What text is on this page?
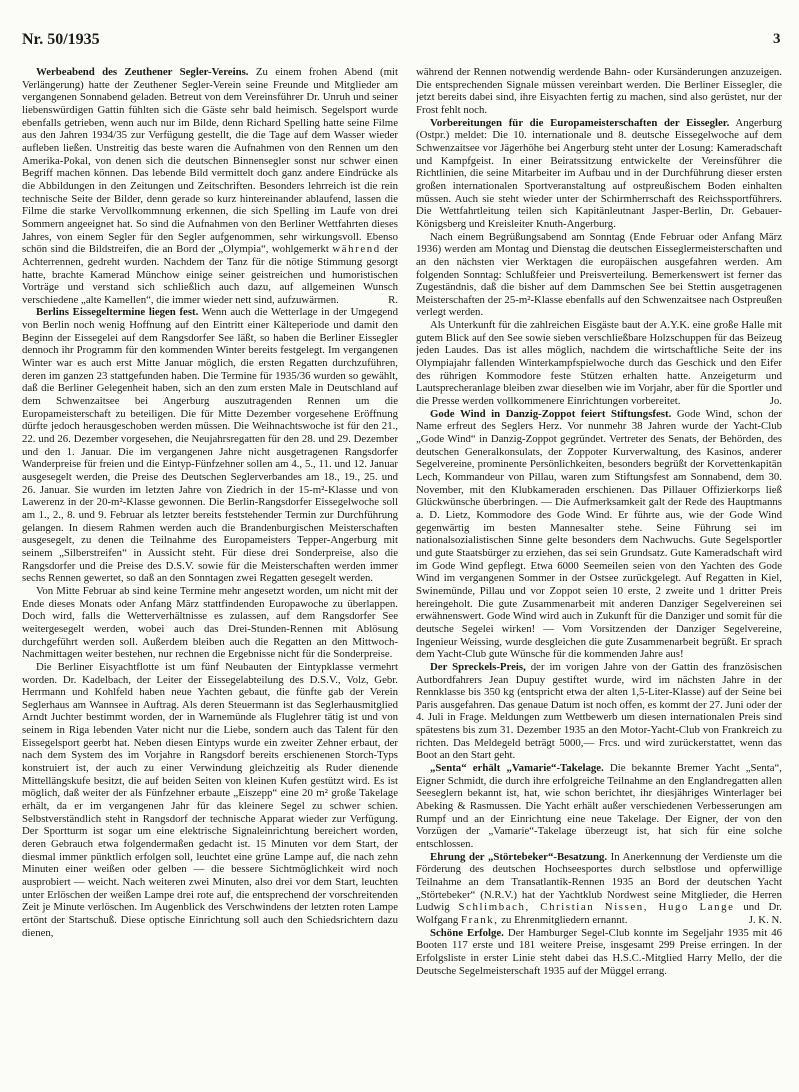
Nr. 50/1935	3

Werbeabend des Zeuthener Segler-Vereins. Zu einem frohen Abend (mit Verlängerung) hatte der Zeuthener Segler-Verein seine Freunde und Mitglieder am vergangenen Sonnabend geladen. Betreut von dem Vereinsführer Dr. Unruh und seiner liebenswürdigen Gattin fühlten sich die Gäste sehr bald heimisch. Segelsport wurde ebenfalls getrieben, wenn auch nur im Bilde, denn Richard Spelling hatte seine Filme aus den Jahren 1934/35 zur Verfügung gestellt, die die Tage auf dem Wasser wieder aufleben ließen. Unstreitig das beste waren die Aufnahmen von den Rennen um den Amerika-Pokal, von denen sich die deutschen Binnensegler sonst nur schwer einen Begriff machen können. Das lebende Bild vermittelt doch ganz andere Eindrücke als die Abbildungen in den Zeitungen und Zeitschriften. Besonders lehrreich ist die rein technische Seite der Bilder, denn gerade so kurz hintereinander ablaufend, lassen die Filme die starke Vervollkommnung erkennen, die sich Spelling im Laufe von drei Sommern angeeignet hat. So sind die Aufnahmen von den Berliner Wettfahrten dieses Jahres, von einem Segler für den Segler aufgenommen, sehr wirkungsvoll. Ebenso schön sind die Bildstreifen, die an Bord der „Olympia“, wohlgemerkt während der Achterrennen, gedreht wurden. Nachdem der Tanz für die nötige Stimmung gesorgt hatte, brachte Kamerad Münchow einige seiner geistreichen und humoristischen Vorträge und verstand sich schließlich auch dazu, auf allgemeinen Wunsch verschiedene „alte Kamellen“, die immer wieder nett sind, aufzuwärmen.	R.

Berlins Eissegeltermine liegen fest. Wenn auch die Wetterlage in der Umgegend von Berlin noch wenig Hoffnung auf den Eintritt einer Kälteperiode und damit den Beginn der Eissegelei auf dem Rangsdorfer See läßt, so haben die Berliner Eissegler dennoch ihr Programm für den kommenden Winter bereits festgelegt. Im vergangenen Winter war es auch erst Mitte Januar möglich, die ersten Regatten durchzuführen, deren im ganzen 23 stattgefunden haben. Die Termine für 1935/36 wurden so gewählt, daß die Berliner Gelegenheit haben, sich an den zum ersten Male in Deutschland auf dem Schwenzaitsee bei Angerburg auszutragenden Rennen um die Europameisterschaft zu beteiligen. Die für Mitte Dezember vorgesehene Eröffnung dürfte jedoch herausgeschoben werden müssen. Die Weihnachtswoche ist für den 21., 22. und 26. Dezember vorgesehen, die Neujahrsregatten für den 28. und 29. Dezember und den 1. Januar. Die im vergangenen Jahre nicht ausgetragenen Rangsdorfer Wanderpreise für freien und die Eintyp-Fünfzehner sollen am 4., 5., 11. und 12. Januar ausgesegelt werden, die Preise des Deutschen Seglerverbandes am 18., 19., 25. und 26. Januar. Sie wurden im letzten Jahre von Ziedrich in der 15-m²-Klasse und von Lawerenz in der 20-m²-Klasse gewonnen. Die Berlin-Rangsdorfer Eissegelwoche soll am 1., 2., 8. und 9. Februar als letzter bereits feststehender Termin zur Durchführung gelangen. In diesem Rahmen werden auch die Brandenburgischen Meisterschaften ausgesegelt, zu denen die Teilnahme des Europameisters Tepper-Angerburg mit seinem „Silberstreifen“ in Aussicht steht. Für diese drei Sonderpreise, also die Rangsdorfer und die Preise des D.S.V. sowie für die Meisterschaften werden immer sechs Rennen gewertet, so daß an den Sonntagen zwei Regatten gesegelt werden.

Von Mitte Februar ab sind keine Termine mehr angesetzt worden, um nicht mit der Ende dieses Monats oder Anfang März stattfindenden Europawoche zu überlappen. Doch wird, falls die Wetterverhältnisse es zulassen, auf dem Rangsdorfer See weitergesegelt werden, wobei auch das Drei-Stunden-Rennen mit Ablösung durchgeführt werden soll. Außerdem bleiben auch die Regatten an den Mittwoch-Nachmittagen weiter bestehen, nur rechnen die Ergebnisse nicht für die Sonderpreise.

Die Berliner Eisyachtflotte ist um fünf Neubauten der Eintypklasse vermehrt worden. Dr. Kadelbach, der Leiter der Eissegelabteilung des D.S.V., Volz, Gebr. Herrmann und Kohlfeld haben neue Yachten gebaut, die fünfte gab der Verein Seglerhaus am Wannsee in Auftrag. Als deren Steuermann ist das Seglerhausmitglied Arndt Juchter bestimmt worden, der in Warnemünde als Fluglehrer tätig ist und von seinem in Riga lebenden Vater nicht nur die Liebe, sondern auch das Talent für den Eissegelsport geerbt hat. Neben diesen Eintyps wurde ein zweiter Zehner erbaut, der nach dem System des im Vorjahre in Rangsdorf bereits erschienenen Storch-Typs konstruiert ist, der auch zu einer Verwindung gleichzeitig als Ruder dienende Mittellängskufe besitzt, die auf beiden Seiten von kleinen Kufen gestützt wird. Es ist möglich, daß weiter der als Fünfzehner erbaute „Eiszepp“ eine 20 m² große Takelage erhält, da er im vergangenen Jahr für das kleinere Segel zu schwer schien. Selbstverständlich steht in Rangsdorf der technische Apparat wieder zur Verfügung. Der Sportturm ist sogar um eine elektrische Signaleinrichtung bereichert worden, deren Gebrauch etwa folgendermaßen gedacht ist. 15 Minuten vor dem Start, der diesmal immer pünktlich erfolgen soll, leuchtet eine grüne Lampe auf, die nach zehn Minuten einer weißen oder gelben — die bessere Sichtmöglichkeit wird noch ausprobiert — weicht. Nach weiteren zwei Minuten, also drei vor dem Start, leuchten unter Erlöschen der weißen Lampe drei rote auf, die entsprechend der vorschreitenden Zeit je Minute verlöschen. Im Augenblick des Verschwindens der letzten roten Lampe ertönt der Startschuß. Diese optische Einrichtung soll auch den Schiedsrichtern dazu dienen,

während der Rennen notwendig werdende Bahn- oder Kursänderungen anzuzeigen. Die entsprechenden Signale müssen vereinbart werden. Die Berliner Eissegler, die jetzt bereits dabei sind, ihre Eisyachten fertig zu machen, sind also gerüstet, nur der Frost fehlt noch.

Vorbereitungen für die Europameisterschaften der Eissegler. Angerburg (Ostpr.) meldet: Die 10. internationale und 8. deutsche Eissegelwoche auf dem Schwenzaitsee vor Jägerhöhe bei Angerburg steht unter der Losung: Kameradschaft und Kampfgeist. In einer Beiratssitzung entwickelte der Vereinsführer die Richtlinien, die seine Mitarbeiter im Aufbau und in der Durchführung dieser ersten großen internationalen Sportveranstaltung auf ostpreußischem Boden einhalten müssen. Auch sie steht wieder unter der Schirmherrschaft des Reichssportführers. Die Wettfahrtleitung teilen sich Kapitänleutnant Jasper-Berlin, Dr. Gebauer-Königsberg und Kreisleiter Knuth-Angerburg.

Nach einem Begrüßungsabend am Sonntag (Ende Februar oder Anfang März 1936) werden am Montag und Dienstag die deutschen Eisseglermeisterschaften und an den nächsten vier Werktagen die europäischen ausgefahren werden. Am folgenden Sonntag: Schlußfeier und Preisverteilung. Bemerkenswert ist ferner das Zugeständnis, daß die bisher auf dem Dammschen See bei Stettin ausgetragenen Meisterschaften der 25-m²-Klasse ebenfalls auf den Schwenzaitsee nach Ostpreußen verlegt werden.

Als Unterkunft für die zahlreichen Eisgäste baut der A.Y.K. eine große Halle mit gutem Blick auf den See sowie sieben verschließbare Holzschuppen für das Beizeug jeden Laudes. Das ist alles möglich, nachdem die wirtschaftliche Seite der ins Olympiajahr fallenden Winterkampfspielwoche durch das Geschick und den Eifer des rührigen Kommodore feste Stützen erhalten hatte. Anzeigeturm und Lautsprecheranlage bleiben zwar dieselben wie im Vorjahr, aber für die Sportler und die Presse werden vollkommenere Einrichtungen vorbereitet.	Jo.

Gode Wind in Danzig-Zoppot feiert Stiftungsfest. Gode Wind, schon der Name erfreut des Seglers Herz. Vor nunmehr 38 Jahren wurde der Yacht-Club „Gode Wind“ in Danzig-Zoppot gegründet. Vertreter des Senats, der Behörden, des deutschen Generalkonsulats, der Zoppoter Kurverwaltung, des Kasinos, anderer Segelvereine, prominente Persönlichkeiten, besonders begrüßt der Korvettenkapitän Lech, Kommandeur von Pillau, waren zum Stiftungsfest am Sonnabend, dem 30. November, mit den Klubkameraden erschienen. Das Pillauer Offizierkorps ließ Glückwünsche überbringen. — Die Aufmerksamkeit galt der Rede des Hauptmanns a. D. Lietz, Kommodore des Gode Wind. Er führte aus, wie der Gode Wind gegenwärtig im besten Mannesalter stehe. Seine Führung sei im nationalsozialistischen Sinne gelte besonders dem Nachwuchs. Gute Segelsportler und gute Staatsbürger zu erziehen, das sei sein Grundsatz. Gute Kameradschaft wird im Gode Wind gepflegt. Etwa 6000 Seemeilen seien von den Yachten des Gode Wind im vergangenen Sommer in der Ostsee zurückgelegt. Auf Regatten in Kiel, Swinemünde, Pillau und vor Zoppot seien 10 erste, 2 zweite und 1 dritter Preis hereingeholt. Die gute Zusammenarbeit mit anderen Danziger Segelvereinen sei erwähnenswert. Gode Wind wird auch in Zukunft für die Danziger und somit für die deutsche Segelei wirken! — Vom Vorsitzenden der Danziger Segelvereine, Ingenieur Weissing, wurde desgleichen die gute Zusammenarbeit begrüßt. Er sprach dem Yacht-Club gute Wünsche für die kommenden Jahre aus!

Der Spreckels-Preis, der im vorigen Jahre von der Gattin des französischen Autbordfahrers Jean Dupuy gestiftet wurde, wird im nächsten Jahre in der Rennklasse bis 350 kg (entspricht etwa der alten 1,5-Liter-Klasse) auf der Seine bei Paris ausgefahren. Das genaue Datum ist noch offen, es kommt der 27. Juni oder der 4. Juli in Frage. Meldungen zum Wettbewerb um diesen internationalen Preis sind spätestens bis zum 31. Dezember 1935 an den Motor-Yacht-Club von Frankreich zu richten. Das Meldegeld beträgt 5000,— Frcs. und wird zurückerstattet, wenn das Boot an den Start geht.

„Senta“ erhält „Vamarie“-Takelage. Die bekannte Bremer Yacht „Senta“, Eigner Schmidt, die durch ihre erfolgreiche Teilnahme an den Englandregatten allen Seeseglern bekannt ist, hat, wie schon berichtet, ihr diesjähriges Winterlager bei Abeking & Rasmussen. Die Yacht erhält außer verschiedenen Verbesserungen am Rumpf und an der Einrichtung eine neue Takelage. Der Eigner, der von den Vorzügen der „Vamarie“-Takelage überzeugt ist, hat sich für eine solche entschlossen.

Ehrung der „Störtebeker“-Besatzung. In Anerkennung der Verdienste um die Förderung des deutschen Hochseesportes durch selbstlose und opferwillige Teilnahme an dem Transatlantik-Rennen 1935 an Bord der deutschen Yacht „Störtebeker“ (N.R.V.) hat der Yachtklub Nordwest seine Mitglieder, die Herren Ludwig Schlimbach, Christian Nissen, Hugo Lange und Dr. Wolfgang Frank, zu Ehrenmitgliedern ernannt.	J. K. N.

Schöne Erfolge. Der Hamburger Segel-Club konnte im Segeljahr 1935 mit 46 Booten 117 erste und 181 weitere Preise, insgesamt 299 Preise erringen. In der Erfolgsliste in erster Linie steht dabei das H.S.C.-Mitglied Harry Mello, der die Deutsche Segelmeisterschaft 1935 auf der Müggel errang.
